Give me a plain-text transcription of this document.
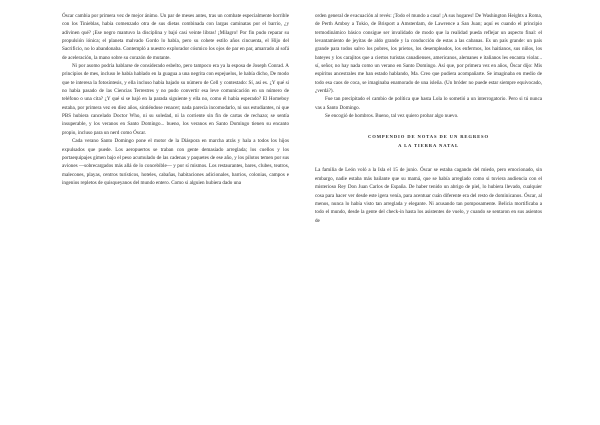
Óscar cambia por primera vez de mejor ánimo. Un par de meses antes, tras un combate especialmente horrible con los Tinieblas, había comenzado otra de sus dietas combinada con largas caminatas por el barrio, ¿y adivinen qué? ¡Ese negro mantuvo la disciplina y bajó casi veinte libras! ¡Milagro! Por fin pudo reparar su propulsión iónica; el planeta malvado Gordo lo había, pero su cohete estilo años cincuenta, el Hijo del Sacrificio, no lo abandonaba. Contempló a nuestro explorador cósmico los ojos de par en par, amarrado al sofá de aceleración, la mano sobre su corazón de mutante.

Ni por asomo podría hablarse de considerado esbelto, pero tampoco era ya la esposa de Joseph Conrad. A principios de mes, incluso le había hablado en la guagua a una negrita con espejuelos, le había dicho, De modo que te interesa la fotosíntesis, y ella incluso había bajado su número de Cell y contestado: Sí, así es. ¿Y qué si no había pasado de las Ciencias Terrestres y no pudo convertir esa leve comunicación en un número de teléfono o una cita? ¿Y qué si se bajó en la parada siguiente y ella no, como él había esperado? El Homeboy estaba, por primera vez en diez años, sintiéndose renacer; nada parecía incomodarlo, ni sus estudiantes, ni que PBS hubiera cancelado Doctor Who, ni su soledad, ni la corriente sin fin de cartas de rechazo; se sentía insuperable, y los veranos en Santo Domingo... bueno, los veranos en Santo Domingo tienen su encanto propio, incluso para un nerd como Óscar.

Cada verano Santo Domingo pone el motor de la Diáspora en marcha atrás y hala a todos los hijos expulsados que puede. Los aeropuertos se traban con gente demasiado arreglada; los cuellos y los portaequipajes gimen bajo el peso acumulado de las cadenas y paquetes de ese año, y los pilotos temen por sus aviones —sobrecargados más allá de lo concebible— y por sí mismos. Los restaurantes, bares, clubes, teatros, malecones, playas, centros turísticos, hoteles, cabañas, habitaciones adicionales, barrios, colonias, campos e ingenios repletos de quisqueyanos del mundo entero. Como si alguien hubiera dado una

orden general de evacuación al revés: ¡Todo el mundo a casa! ¡A sus hogares! De Washington Heights a Roma, de Perth Amboy a Tokio, de Brisport a Amsterdam, de Lawrence a San Juan; aquí es cuando el principio termodinámico básico consigue ser invalidado de modo que la realidad pueda reflejar un aspecto final: el levantamiento de jeyitas de aldo grande y la conducción de estas a las cabanas. Es un país grande: un país grande para todos salvo los pobres, los prietos, los desempleados, los enfermos, los haitianos, sus niños, los bateyes y los carajitos que a ciertos turistas canadienses, americanos, alemanes e italianos les encanta violar... sí, señor, no hay nada como un verano en Santo Domingo. Así que, por primera vez en años, Óscar dijo: Mis espíritus ancestrales me han estado hablando, Ma. Creo que pudiera acompañarte. Se imaginaba en medio de todo esa caos de coca, se imaginaba enamorado de una isleña. (Un bróder no puede estar siempre equivocado, ¿verdá?).

Fue tan precipitado el cambio de política que hasta Lola lo sometió a un interrogatorio. Pero si tú nunca vas a Santo Domingo.

Se encogió de hombros. Bueno, tal vez quiero probar algo nuevo.

COMPENDIO DE NOTAS DE UN REGRESO
A LA TIERRA NATAL

La familia de León voló a la Isla el 15 de junio. Óscar se estaba cagando del miedo, pero emocionado, sin embargo, nadie estaba más bailante que su mamá, que se había arreglado como si tuviera audiencia con el misterioso Rey Don Juan Carlos de España. De haber tenido un abrigo de piel, lo hubiera llevado, cualquier cosa para hacer ver desde este igera venía, para acentuar cuán diferente era del resto de dominicanos. Óscar, al menos, nunca lo había visto tan arreglada y elegante. Ni acusando tan pomposamente. Belicia mortificaba a todo el mundo, desde la gente del check-in hasta los asistentes de vuelo, y cuando se sentaron en sus asientos de
